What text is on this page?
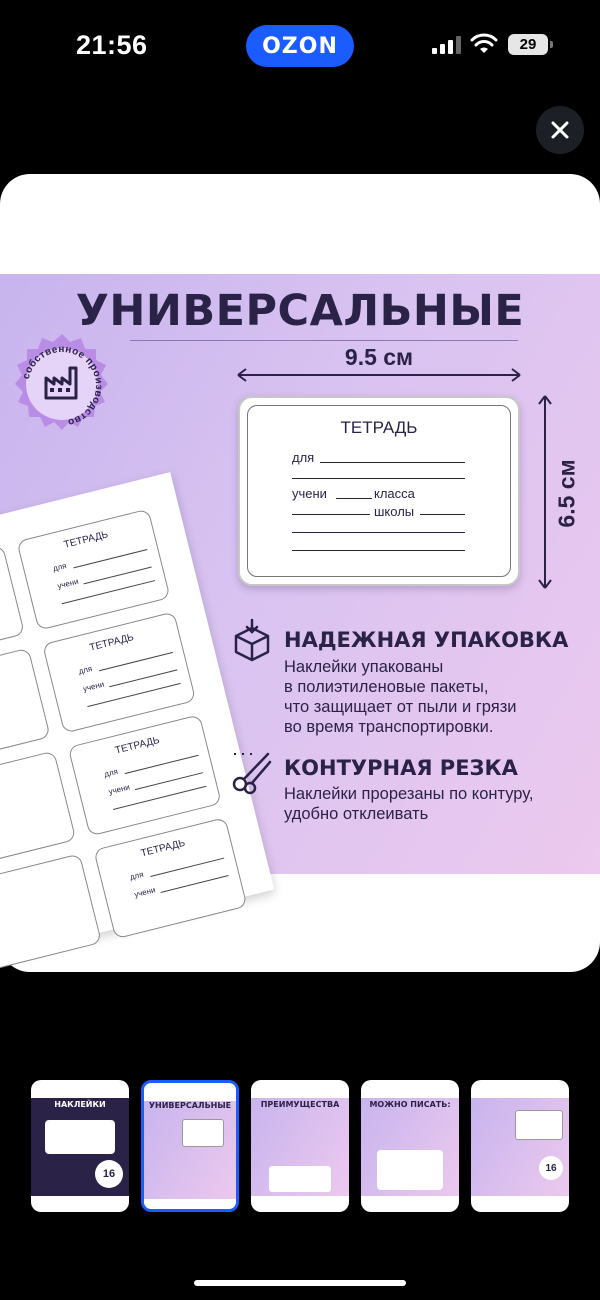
21:56	OZON	29
УНИВЕРСАЛЬНЫЕ
собственное производство
ТЕТРАДЬ
для
учени
ТЕТРАДЬ
для
учени
ТЕТРАДЬ
для
учени
ТЕТРАДЬ
для
учени
9.5 см
6.5 см
ТЕТРАДЬ
для
учени	класса
школы
НАДЕЖНАЯ УПАКОВКА
Наклейки упакованы
в полиэтиленовые пакеты,
что защищает от пыли и грязи
во время транспортировки.
КОНТУРНАЯ РЕЗКА
Наклейки прорезаны по контуру,
удобно отклеивать
НАКЛЕЙКИ
16
УНИВЕРСАЛЬНЫЕ	ПРЕИМУЩЕСТВА	МОЖНО ПИСАТЬ:
16
